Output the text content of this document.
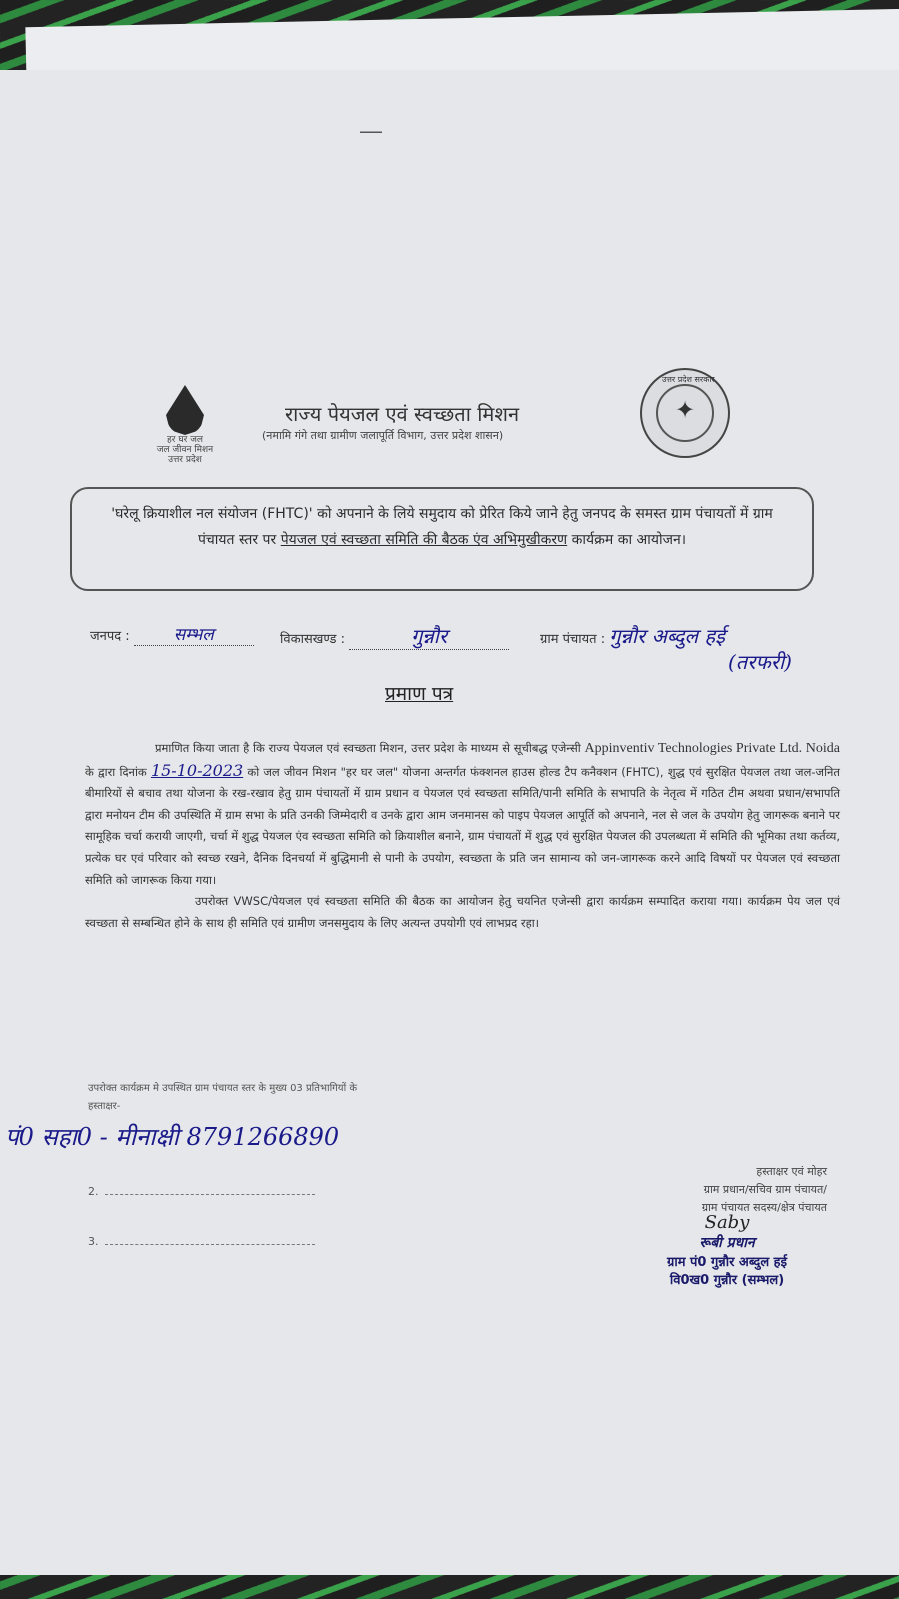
—
हर घर जल
जल जीवन मिशन
उत्तर प्रदेश
राज्य पेयजल एवं स्वच्छता मिशन
(नमामि गंगे तथा ग्रामीण जलापूर्ति विभाग, उत्तर प्रदेश शासन)
उत्तर प्रदेश सरकार
✦
'घरेलू क्रियाशील नल संयोजन (FHTC)' को अपनाने के लिये समुदाय को प्रेरित किये जाने हेतु जनपद के समस्त ग्राम पंचायतों में ग्राम पंचायत स्तर पर पेयजल एवं स्वच्छता समिति की बैठक एंव अभिमुखीकरण कार्यक्रम का आयोजन।
जनपद :	सम्भल	विकासखण्ड :	गुन्नौर	ग्राम पंचायत : गुन्नौर अब्दुल हई
(तरफरी)
प्रमाण पत्र

प्रमाणित किया जाता है कि राज्य पेयजल एवं स्वच्छता मिशन, उत्तर प्रदेश के माध्यम से सूचीबद्ध एजेन्सी Appinventiv Technologies Private Ltd. Noida के द्वारा दिनांक 15-10-2023 को जल जीवन मिशन "हर घर जल" योजना अन्तर्गत फंक्शनल हाउस होल्ड टैप कनैक्शन (FHTC), शुद्ध एवं सुरक्षित पेयजल तथा जल-जनित बीमारियों से बचाव तथा योजना के रख-रखाव हेतु ग्राम पंचायतों में ग्राम प्रधान व पेयजल एवं स्वच्छता समिति/पानी समिति के सभापति के नेतृत्व में गठित टीम अथवा प्रधान/सभापति द्वारा मनोयन टीम की उपस्थिति में ग्राम सभा के प्रति उनकी जिम्मेदारी व उनके द्वारा आम जनमानस को पाइप पेयजल आपूर्ति को अपनाने, नल से जल के उपयोग हेतु जागरूक बनाने पर सामूहिक चर्चा करायी जाएगी, चर्चा में शुद्ध पेयजल एंव स्वच्छता समिति को क्रियाशील बनाने, ग्राम पंचायतों में शुद्ध एवं सुरक्षित पेयजल की उपलब्धता में समिति की भूमिका तथा कर्तव्य, प्रत्येक घर एवं परिवार को स्वच्छ रखने, दैनिक दिनचर्या में बुद्धिमानी से पानी के उपयोग, स्वच्छता के प्रति जन सामान्य को जन-जागरूक करने आदि विषयों पर पेयजल एवं स्वच्छता समिति को जागरूक किया गया।

उपरोक्त VWSC/पेयजल एवं स्वच्छता समिति की बैठक का आयोजन हेतु चयनित एजेन्सी द्वारा कार्यक्रम सम्पादित कराया गया। कार्यक्रम पेय जल एवं स्वच्छता से सम्बन्धित होने के साथ ही समिति एवं ग्रामीण जनसमुदाय के लिए अत्यन्त उपयोगी एवं लाभप्रद रहा।

उपरोक्त कार्यक्रम मे उपस्थित ग्राम पंचायत स्तर के मुख्य 03 प्रतिभागियों के
हस्ताक्षर-
पं0 सहा0 - मीनाक्षी 8791266890
2.
3.
हस्ताक्षर एवं मोहर
ग्राम प्रधान/सचिव ग्राम पंचायत/
ग्राम पंचायत सदस्य/क्षेत्र पंचायत
Saby
रूबी प्रधान
ग्राम पं0 गुन्नौर अब्दुल हई
वि0ख0 गुन्नौर (सम्भल)
